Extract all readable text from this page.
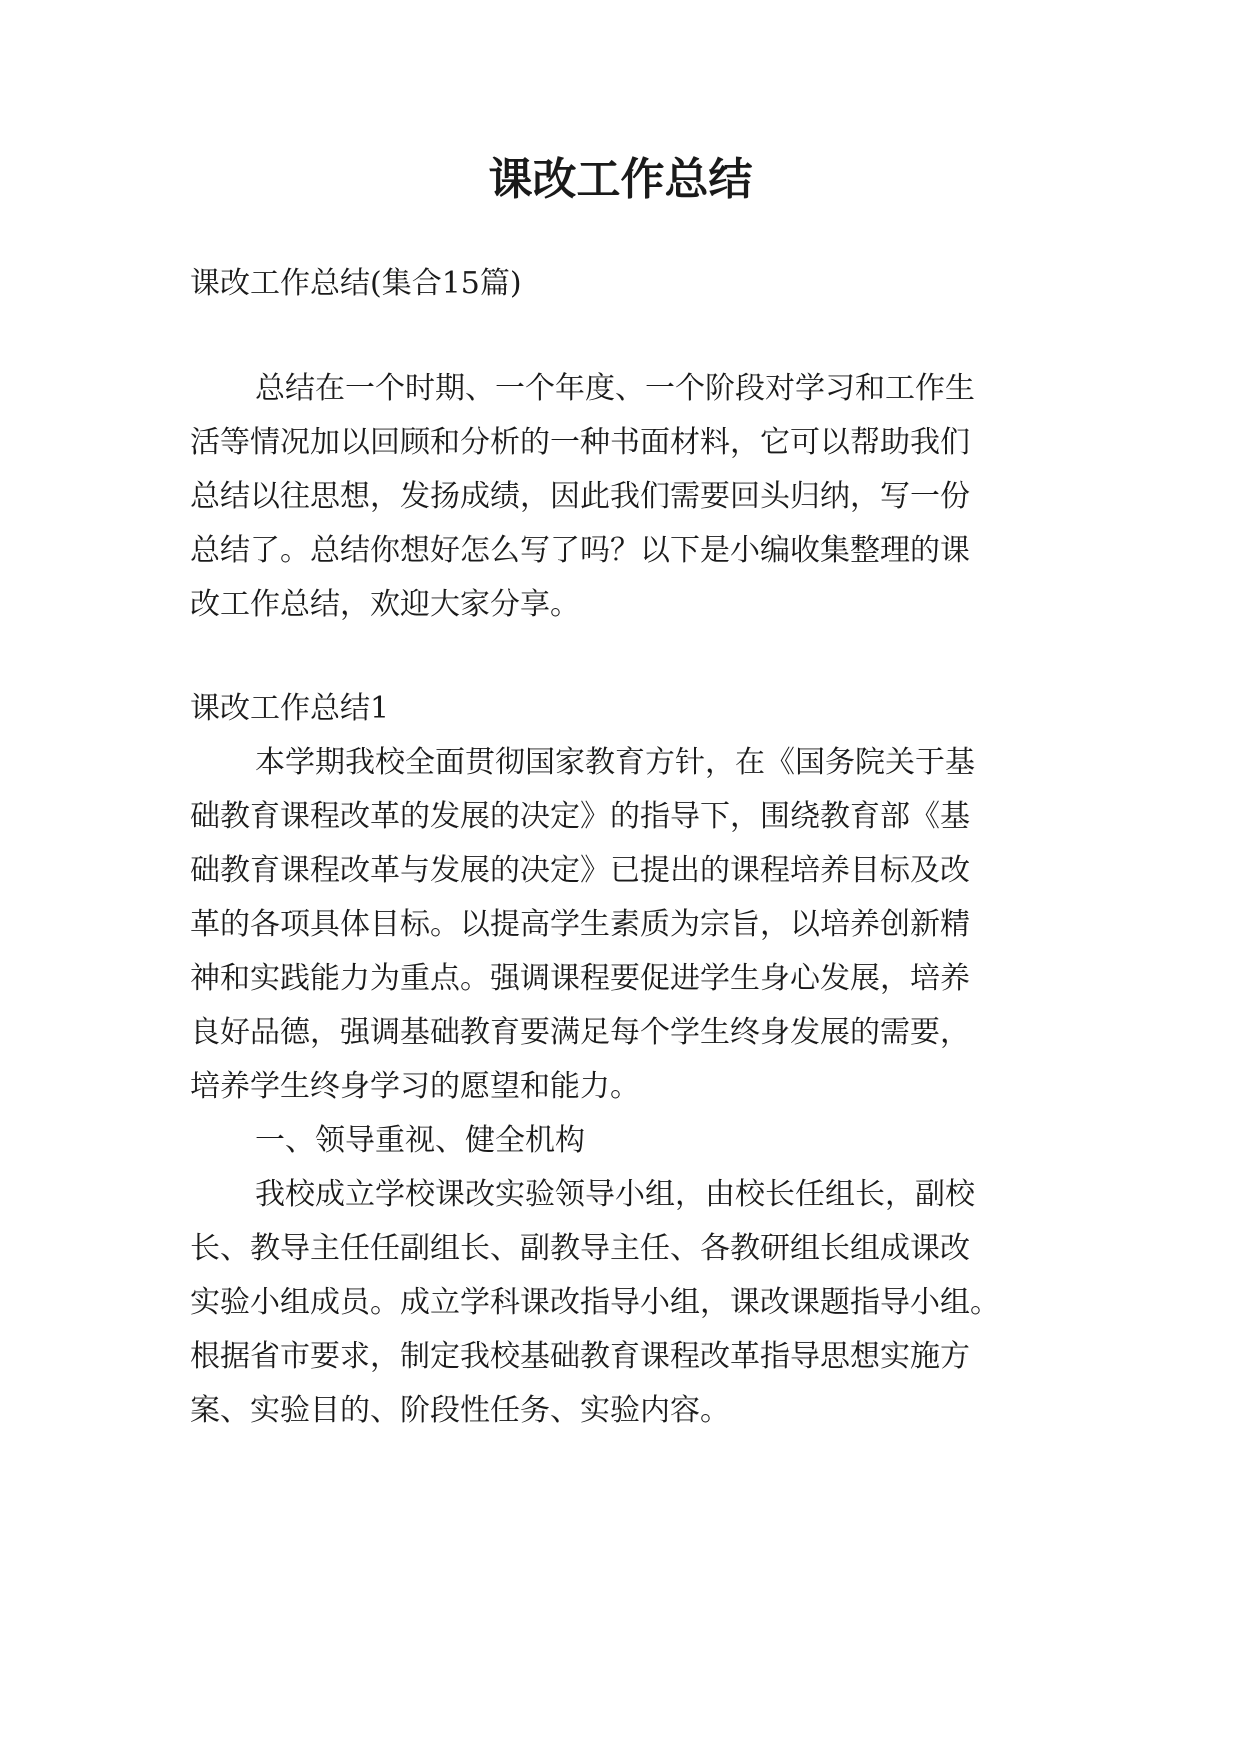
课改工作总结
课改工作总结(集合15篇)
总结在一个时期、一个年度、一个阶段对学习和工作生
活等情况加以回顾和分析的一种书面材料，它可以帮助我们
总结以往思想，发扬成绩，因此我们需要回头归纳，写一份
总结了。总结你想好怎么写了吗？以下是小编收集整理的课
改工作总结，欢迎大家分享。
课改工作总结1
本学期我校全面贯彻国家教育方针，在《国务院关于基
础教育课程改革的发展的决定》的指导下，围绕教育部《基
础教育课程改革与发展的决定》已提出的课程培养目标及改
革的各项具体目标。以提高学生素质为宗旨，以培养创新精
神和实践能力为重点。强调课程要促进学生身心发展，培养
良好品德，强调基础教育要满足每个学生终身发展的需要，
培养学生终身学习的愿望和能力。
一、领导重视、健全机构
我校成立学校课改实验领导小组，由校长任组长，副校
长、教导主任任副组长、副教导主任、各教研组长组成课改
实验小组成员。成立学科课改指导小组，课改课题指导小组。
根据省市要求，制定我校基础教育课程改革指导思想实施方
案、实验目的、阶段性任务、实验内容。
